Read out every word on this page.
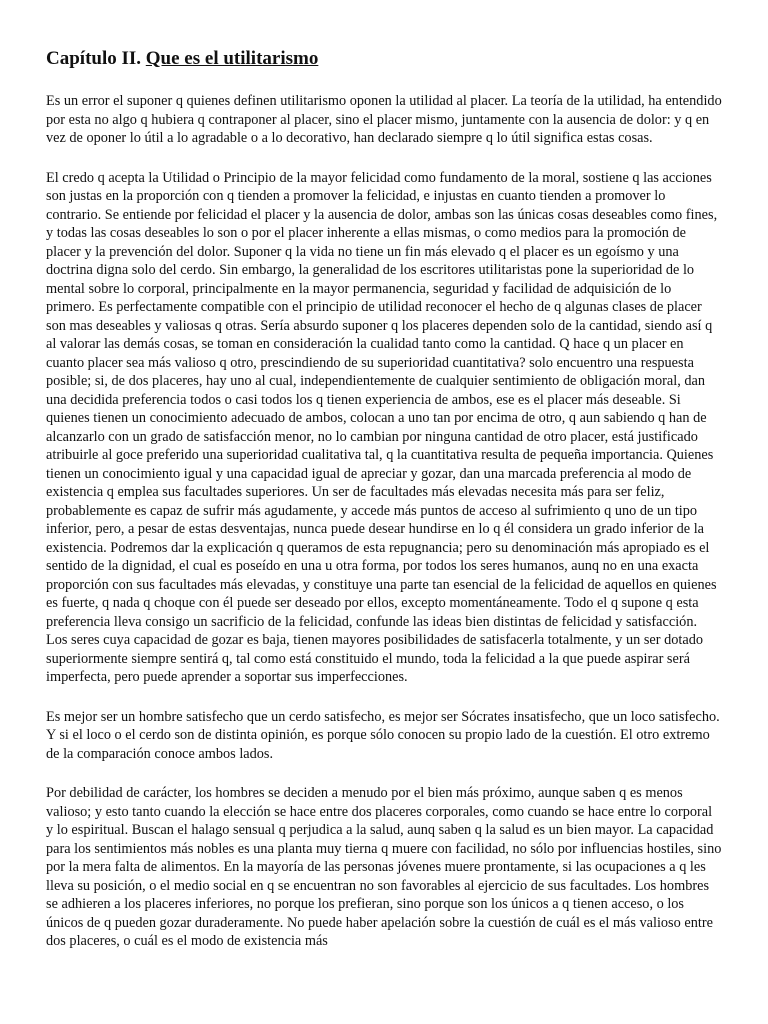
Capítulo II. Que es el utilitarismo

Es un error el suponer q quienes definen utilitarismo oponen la utilidad al placer. La teoría de la utilidad, ha entendido por esta no algo q hubiera q contraponer al placer, sino el placer mismo, juntamente con la ausencia de dolor: y q en vez de oponer lo útil a lo agradable o a lo decorativo, han declarado siempre q lo útil significa estas cosas.

El credo q acepta la Utilidad o Principio de la mayor felicidad como fundamento de la moral, sostiene q las acciones son justas en la proporción con q tienden a promover la felicidad, e injustas en cuanto tienden a promover lo contrario. Se entiende por felicidad el placer y la ausencia de dolor, ambas son las únicas cosas deseables como fines, y todas las cosas deseables lo son o por el placer inherente a ellas mismas, o como medios para la promoción de placer y la prevención del dolor. Suponer q la vida no tiene un fin más elevado q el placer es un egoísmo y una doctrina digna solo del cerdo. Sin embargo, la generalidad de los escritores utilitaristas pone la superioridad de lo mental sobre lo corporal, principalmente en la mayor permanencia, seguridad y facilidad de adquisición de lo primero. Es perfectamente compatible con el principio de utilidad reconocer el hecho de q algunas clases de placer son mas deseables y valiosas q otras. Sería absurdo suponer q los placeres dependen solo de la cantidad, siendo así q al valorar las demás cosas, se toman en consideración la cualidad tanto como la cantidad. Q hace q un placer en cuanto placer sea más valioso q otro, prescindiendo de su superioridad cuantitativa? solo encuentro una respuesta posible; si, de dos placeres, hay uno al cual, independientemente de cualquier sentimiento de obligación moral, dan una decidida preferencia todos o casi todos los q tienen experiencia de ambos, ese es el placer más deseable. Si quienes tienen un conocimiento adecuado de ambos, colocan a uno tan por encima de otro, q aun sabiendo q han de alcanzarlo con un grado de satisfacción menor, no lo cambian por ninguna cantidad de otro placer, está justificado atribuirle al goce preferido una superioridad cualitativa tal, q la cuantitativa resulta de pequeña importancia. Quienes tienen un conocimiento igual y una capacidad igual de apreciar y gozar, dan una marcada preferencia al modo de existencia q emplea sus facultades superiores. Un ser de facultades más elevadas necesita más para ser feliz, probablemente es capaz de sufrir más agudamente, y accede más puntos de acceso al sufrimiento q uno de un tipo inferior, pero, a pesar de estas desventajas, nunca puede desear hundirse en lo q él considera un grado inferior de la existencia. Podremos dar la explicación q queramos de esta repugnancia; pero su denominación más apropiado es el sentido de la dignidad, el cual es poseído en una u otra forma, por todos los seres humanos, aunq no en una exacta proporción con sus facultades más elevadas, y constituye una parte tan esencial de la felicidad de aquellos en quienes es fuerte, q nada q choque con él puede ser deseado por ellos, excepto momentáneamente. Todo el q supone q esta preferencia lleva consigo un sacrificio de la felicidad, confunde las ideas bien distintas de felicidad y satisfacción. Los seres cuya capacidad de gozar es baja, tienen mayores posibilidades de satisfacerla totalmente, y un ser dotado superiormente siempre sentirá q, tal como está constituido el mundo, toda la felicidad a la que puede aspirar será imperfecta, pero puede aprender a soportar sus imperfecciones.

Es mejor ser un hombre satisfecho que un cerdo satisfecho, es mejor ser Sócrates insatisfecho, que un loco satisfecho. Y si el loco o el cerdo son de distinta opinión, es porque sólo conocen su propio lado de la cuestión. El otro extremo de la comparación conoce ambos lados.

Por debilidad de carácter, los hombres se deciden a menudo por el bien más próximo, aunque saben q es menos valioso; y esto tanto cuando la elección se hace entre dos placeres corporales, como cuando se hace entre lo corporal y lo espiritual. Buscan el halago sensual q perjudica a la salud, aunq saben q la salud es un bien mayor. La capacidad para los sentimientos más nobles es una planta muy tierna q muere con facilidad, no sólo por influencias hostiles, sino por la mera falta de alimentos. En la mayoría de las personas jóvenes muere prontamente, si las ocupaciones a q les lleva su posición, o el medio social en q se encuentran no son favorables al ejercicio de sus facultades. Los hombres se adhieren a los placeres inferiores, no porque los prefieran, sino porque son los únicos a q tienen acceso, o los únicos de q pueden gozar duraderamente. No puede haber apelación sobre la cuestión de cuál es el más valioso entre dos placeres, o cuál es el modo de existencia más
